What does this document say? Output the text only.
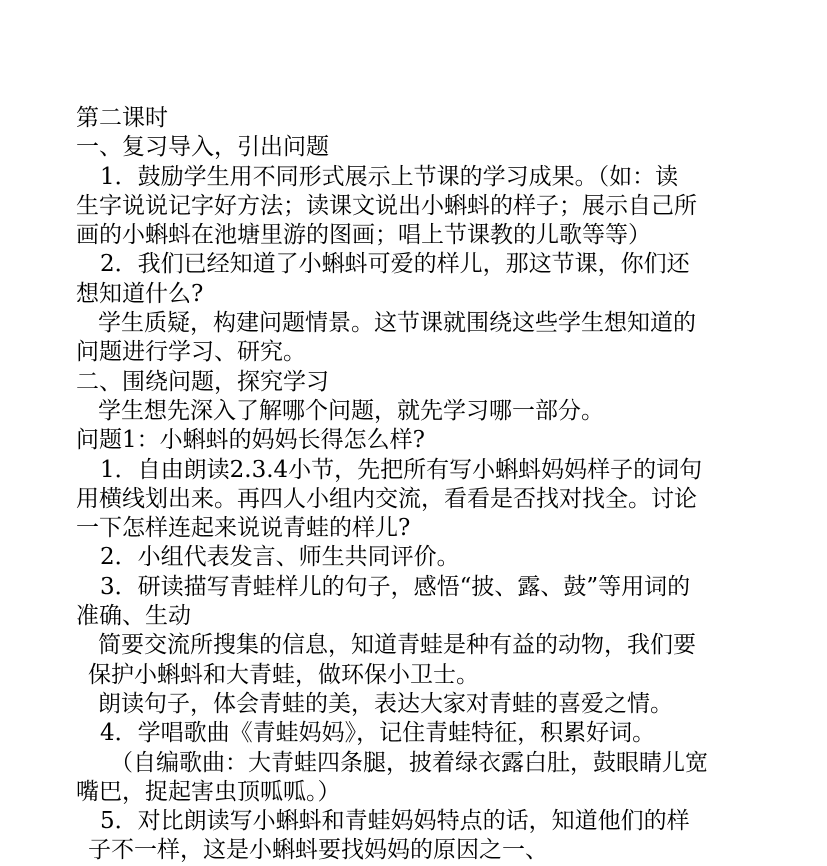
第二课时
一、复习导入，引出问题
1．鼓励学生用不同形式展示上节课的学习成果。（如：读
生字说说记字好方法；读课文说出小蝌蚪的样子；展示自己所
画的小蝌蚪在池塘里游的图画；唱上节课教的儿歌等等）
2．我们已经知道了小蝌蚪可爱的样儿，那这节课，你们还
想知道什么?
学生质疑，构建问题情景。这节课就围绕这些学生想知道的
问题进行学习、研究。
二、围绕问题，探究学习
学生想先深入了解哪个问题，就先学习哪一部分。
问题1：小蝌蚪的妈妈长得怎么样?
1．自由朗读2.3.4小节，先把所有写小蝌蚪妈妈样子的词句
用横线划出来。再四人小组内交流，看看是否找对找全。讨论
一下怎样连起来说说青蛙的样儿?
2．小组代表发言、师生共同评价。
3．研读描写青蛙样儿的句子，感悟“披、露、鼓”等用词的
准确、生动
简要交流所搜集的信息，知道青蛙是种有益的动物，我们要
保护小蝌蚪和大青蛙，做环保小卫士。
朗读句子，体会青蛙的美，表达大家对青蛙的喜爱之情。
4．学唱歌曲《青蛙妈妈》，记住青蛙特征，积累好词。
（自编歌曲：大青蛙四条腿，披着绿衣露白肚，鼓眼睛儿宽
嘴巴，捉起害虫顶呱呱。）
5．对比朗读写小蝌蚪和青蛙妈妈特点的话，知道他们的样
子不一样，这是小蝌蚪要找妈妈的原因之一、
